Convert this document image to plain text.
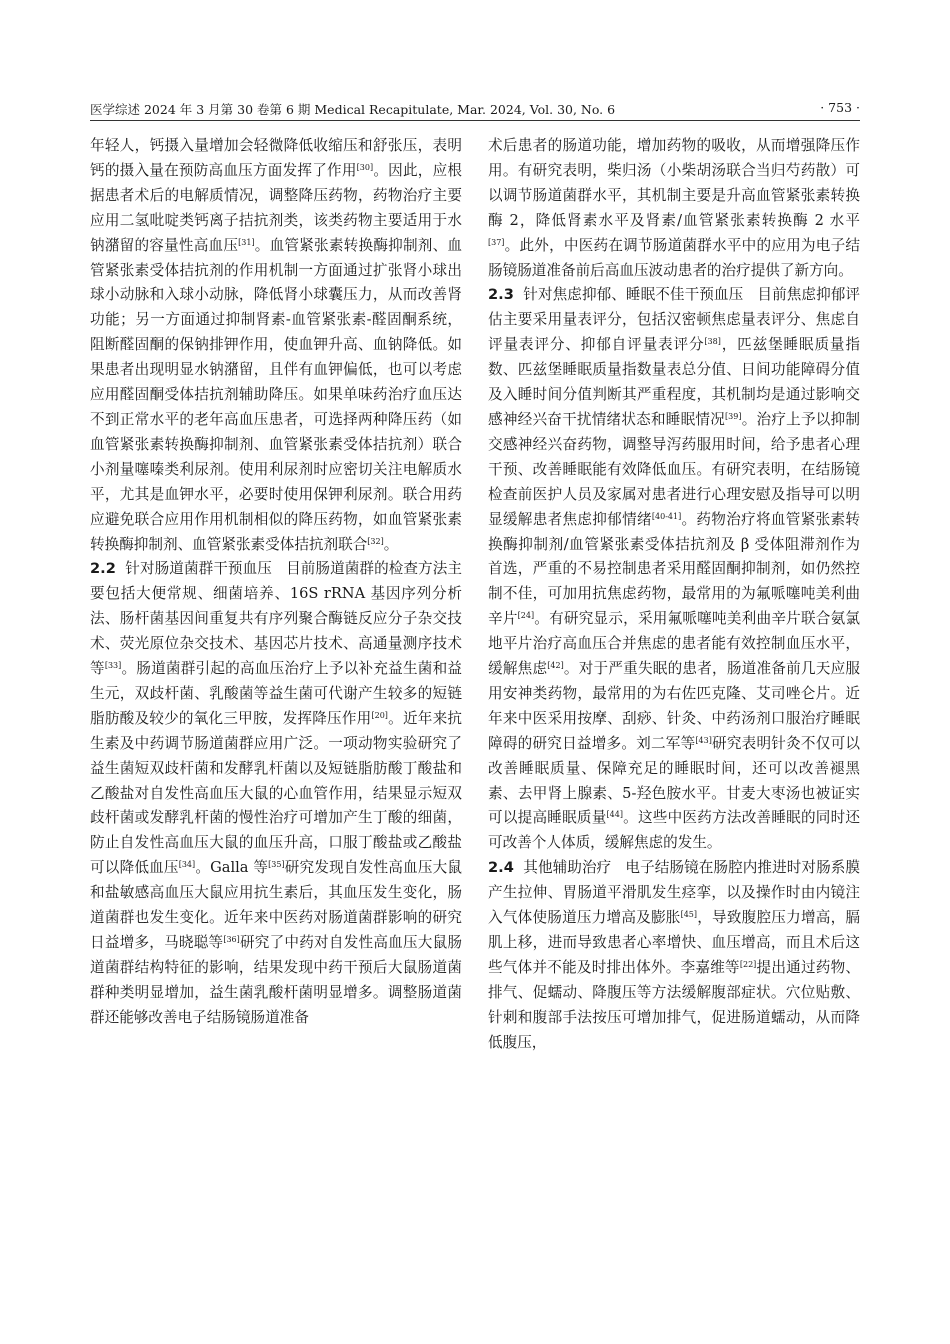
医学综述 2024 年 3 月第 30 卷第 6 期 Medical Recapitulate, Mar. 2024, Vol. 30, No. 6	· 753 ·

年轻人，钙摄入量增加会轻微降低收缩压和舒张压，表明钙的摄入量在预防高血压方面发挥了作用[30]。因此，应根据患者术后的电解质情况，调整降压药物，药物治疗主要应用二氢吡啶类钙离子拮抗剂类，该类药物主要适用于水钠潴留的容量性高血压[31]。血管紧张素转换酶抑制剂、血管紧张素受体拮抗剂的作用机制一方面通过扩张肾小球出球小动脉和入球小动脉，降低肾小球囊压力，从而改善肾功能；另一方面通过抑制肾素-血管紧张素-醛固酮系统，阻断醛固酮的保钠排钾作用，使血钾升高、血钠降低。如果患者出现明显水钠潴留，且伴有血钾偏低，也可以考虑应用醛固酮受体拮抗剂辅助降压。如果单味药治疗血压达不到正常水平的老年高血压患者，可选择两种降压药（如血管紧张素转换酶抑制剂、血管紧张素受体拮抗剂）联合小剂量噻嗪类利尿剂。使用利尿剂时应密切关注电解质水平，尤其是血钾水平，必要时使用保钾利尿剂。联合用药应避免联合应用作用机制相似的降压药物，如血管紧张素转换酶抑制剂、血管紧张素受体拮抗剂联合[32]。

2.2 针对肠道菌群干预血压 目前肠道菌群的检查方法主要包括大便常规、细菌培养、16S rRNA 基因序列分析法、肠杆菌基因间重复共有序列聚合酶链反应分子杂交技术、荧光原位杂交技术、基因芯片技术、高通量测序技术等[33]。肠道菌群引起的高血压治疗上予以补充益生菌和益生元，双歧杆菌、乳酸菌等益生菌可代谢产生较多的短链脂肪酸及较少的氧化三甲胺，发挥降压作用[20]。近年来抗生素及中药调节肠道菌群应用广泛。一项动物实验研究了益生菌短双歧杆菌和发酵乳杆菌以及短链脂肪酸丁酸盐和乙酸盐对自发性高血压大鼠的心血管作用，结果显示短双歧杆菌或发酵乳杆菌的慢性治疗可增加产生丁酸的细菌，防止自发性高血压大鼠的血压升高，口服丁酸盐或乙酸盐可以降低血压[34]。Galla 等[35]研究发现自发性高血压大鼠和盐敏感高血压大鼠应用抗生素后，其血压发生变化，肠道菌群也发生变化。近年来中医药对肠道菌群影响的研究日益增多，马晓聪等[36]研究了中药对自发性高血压大鼠肠道菌群结构特征的影响，结果发现中药干预后大鼠肠道菌群种类明显增加，益生菌乳酸杆菌明显增多。调整肠道菌群还能够改善电子结肠镜肠道准备

术后患者的肠道功能，增加药物的吸收，从而增强降压作用。有研究表明，柴归汤（小柴胡汤联合当归芍药散）可以调节肠道菌群水平，其机制主要是升高血管紧张素转换酶 2，降低肾素水平及肾素/血管紧张素转换酶 2 水平[37]。此外，中医药在调节肠道菌群水平中的应用为电子结肠镜肠道准备前后高血压波动患者的治疗提供了新方向。

2.3 针对焦虑抑郁、睡眠不佳干预血压 目前焦虑抑郁评估主要采用量表评分，包括汉密顿焦虑量表评分、焦虑自评量表评分、抑郁自评量表评分[38]，匹兹堡睡眠质量指数、匹兹堡睡眠质量指数量表总分值、日间功能障碍分值及入睡时间分值判断其严重程度，其机制均是通过影响交感神经兴奋干扰情绪状态和睡眠情况[39]。治疗上予以抑制交感神经兴奋药物，调整导泻药服用时间，给予患者心理干预、改善睡眠能有效降低血压。有研究表明，在结肠镜检查前医护人员及家属对患者进行心理安慰及指导可以明显缓解患者焦虑抑郁情绪[40-41]。药物治疗将血管紧张素转换酶抑制剂/血管紧张素受体拮抗剂及 β 受体阻滞剂作为首选，严重的不易控制患者采用醛固酮抑制剂，如仍然控制不佳，可加用抗焦虑药物，最常用的为氟哌噻吨美利曲辛片[24]。有研究显示，采用氟哌噻吨美利曲辛片联合氨氯地平片治疗高血压合并焦虑的患者能有效控制血压水平，缓解焦虑[42]。对于严重失眠的患者，肠道准备前几天应服用安神类药物，最常用的为右佐匹克隆、艾司唑仑片。近年来中医采用按摩、刮痧、针灸、中药汤剂口服治疗睡眠障碍的研究日益增多。刘二军等[43]研究表明针灸不仅可以改善睡眠质量、保障充足的睡眠时间，还可以改善褪黑素、去甲肾上腺素、5-羟色胺水平。甘麦大枣汤也被证实可以提高睡眠质量[44]。这些中医药方法改善睡眠的同时还可改善个人体质，缓解焦虑的发生。

2.4 其他辅助治疗 电子结肠镜在肠腔内推进时对肠系膜产生拉伸、胃肠道平滑肌发生痉挛，以及操作时由内镜注入气体使肠道压力增高及膨胀[45]，导致腹腔压力增高，膈肌上移，进而导致患者心率增快、血压增高，而且术后这些气体并不能及时排出体外。李嘉维等[22]提出通过药物、排气、促蠕动、降腹压等方法缓解腹部症状。穴位贴敷、针刺和腹部手法按压可增加排气，促进肠道蠕动，从而降低腹压，
